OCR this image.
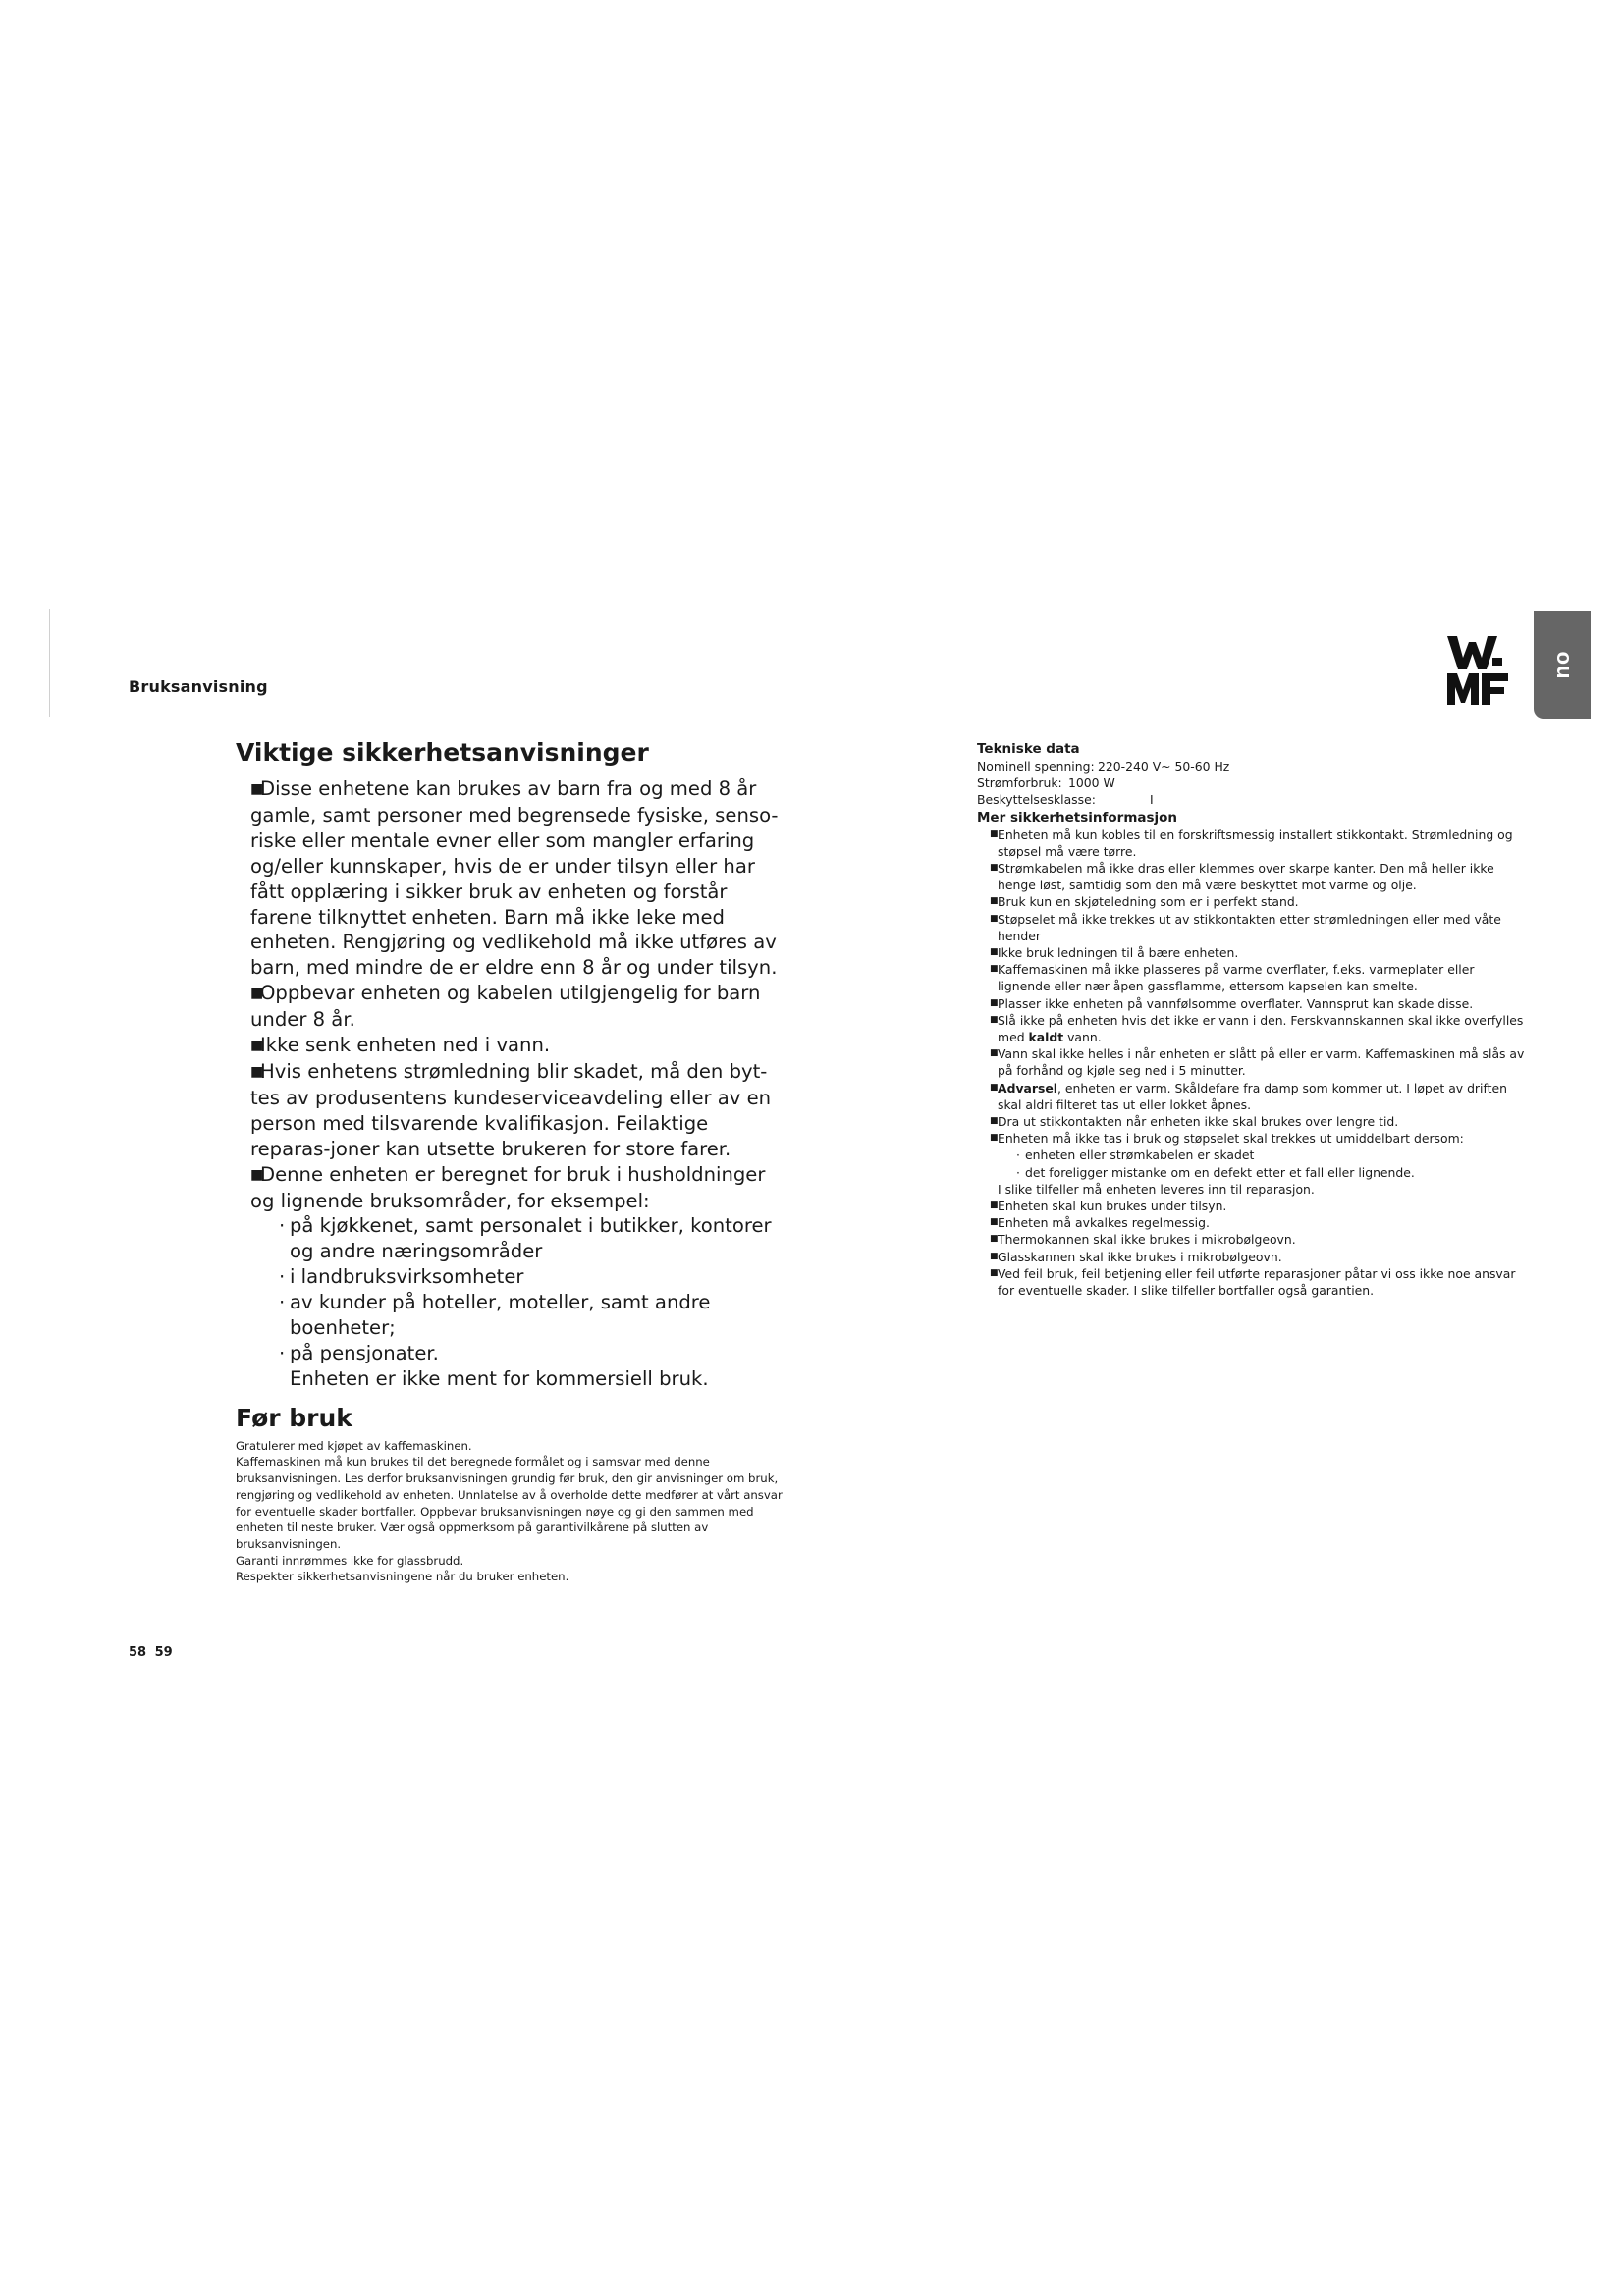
Bruksanvisning
no
Viktige sikkerhetsanvisninger
■Disse enhetene kan brukes av barn fra og med 8 år gamle, samt personer med begrensede fysiske, senso-riske eller mentale evner eller som mangler erfaring og/eller kunnskaper, hvis de er under tilsyn eller har fått opplæring i sikker bruk av enheten og forstår farene tilknyttet enheten. Barn må ikke leke med enheten. Rengjøring og vedlikehold må ikke utføres av barn, med mindre de er eldre enn 8 år og under tilsyn.
■Oppbevar enheten og kabelen utilgjengelig for barn under 8 år.
■Ikke senk enheten ned i vann.
■Hvis enhetens strømledning blir skadet, må den byt-tes av produsentens kundeserviceavdeling eller av en person med tilsvarende kvalifikasjon. Feilaktige reparas-joner kan utsette brukeren for store farer.
■Denne enheten er beregnet for bruk i husholdninger og lignende bruksområder, for eksempel:
· på kjøkkenet, samt personalet i butikker, kontorer og andre næringsområder
· i landbruksvirksomheter
· av kunder på hoteller, moteller, samt andre boenheter;
· på pensjonater.
Enheten er ikke ment for kommersiell bruk.
Før bruk

Gratulerer med kjøpet av kaffemaskinen.

Kaffemaskinen må kun brukes til det beregnede formålet og i samsvar med denne bruksanvisningen. Les derfor bruksanvisningen grundig før bruk, den gir anvisninger om bruk, rengjøring og vedlikehold av enheten. Unnlatelse av å overholde dette medfører at vårt ansvar for eventuelle skader bortfaller. Oppbevar bruksanvisningen nøye og gi den sammen med enheten til neste bruker. Vær også oppmerksom på garantivilkårene på slutten av bruksanvisningen.

Garanti innrømmes ikke for glassbrudd.

Respekter sikkerhetsanvisningene når du bruker enheten.

Tekniske data
Nominell spenning: 220-240 V~ 50-60 Hz
Strømforbruk: 1000 W
Beskyttelsesklasse:	I
Mer sikkerhetsinformasjon
■ Enheten må kun kobles til en forskriftsmessig installert stikkontakt. Strømledning og støpsel må være tørre.
■ Strømkabelen må ikke dras eller klemmes over skarpe kanter. Den må heller ikke henge løst, samtidig som den må være beskyttet mot varme og olje.
■ Bruk kun en skjøteledning som er i perfekt stand.
■ Støpselet må ikke trekkes ut av stikkontakten etter strømledningen eller med våte hender
■ Ikke bruk ledningen til å bære enheten.
■ Kaffemaskinen må ikke plasseres på varme overflater, f.eks. varmeplater eller lignende eller nær åpen gassflamme, ettersom kapselen kan smelte.
■ Plasser ikke enheten på vannfølsomme overflater. Vannsprut kan skade disse.
■ Slå ikke på enheten hvis det ikke er vann i den. Ferskvannskannen skal ikke overfylles med kaldt vann.
■ Vann skal ikke helles i når enheten er slått på eller er varm. Kaffemaskinen må slås av på forhånd og kjøle seg ned i 5 minutter.
■ Advarsel, enheten er varm. Skåldefare fra damp som kommer ut. I løpet av driften skal aldri filteret tas ut eller lokket åpnes.
■ Dra ut stikkontakten når enheten ikke skal brukes over lengre tid.
■ Enheten må ikke tas i bruk og støpselet skal trekkes ut umiddelbart dersom:
· enheten eller strømkabelen er skadet
· det foreligger mistanke om en defekt etter et fall eller lignende.
I slike tilfeller må enheten leveres inn til reparasjon.
■ Enheten skal kun brukes under tilsyn.
■ Enheten må avkalkes regelmessig.
■ Thermokannen skal ikke brukes i mikrobølgeovn.
■ Glasskannen skal ikke brukes i mikrobølgeovn.
■ Ved feil bruk, feil betjening eller feil utførte reparasjoner påtar vi oss ikke noe ansvar for eventuelle skader. I slike tilfeller bortfaller også garantien.
58 59
